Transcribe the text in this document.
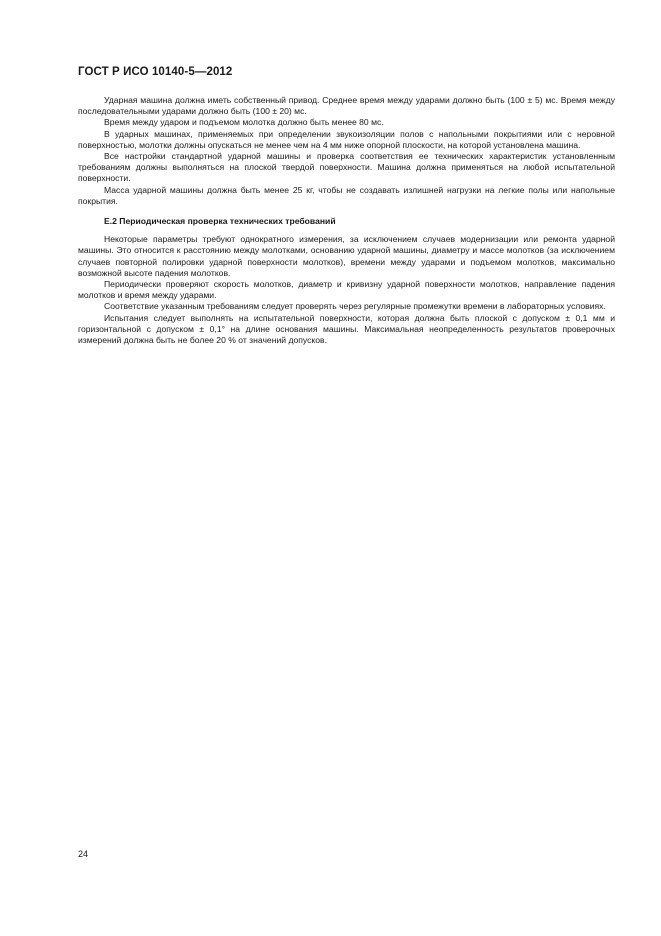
ГОСТ Р ИСО 10140-5—2012

Ударная машина должна иметь собственный привод. Среднее время между ударами должно быть (100 ± 5) мс. Время между последовательными ударами должно быть (100 ± 20) мс.

Время между ударом и подъемом молотка должно быть менее 80 мс.

В ударных машинах, применяемых при определении звукоизоляции полов с напольными покрытиями или с неровной поверхностью, молотки должны опускаться не менее чем на 4 мм ниже опорной плоскости, на которой установлена машина.

Все настройки стандартной ударной машины и проверка соответствия ее технических характеристик установленным требованиям должны выполняться на плоской твердой поверхности. Машина должна применяться на любой испытательной поверхности.

Масса ударной машины должна быть менее 25 кг, чтобы не создавать излишней нагрузки на легкие полы или напольные покрытия.

Е.2 Периодическая проверка технических требований

Некоторые параметры требуют однократного измерения, за исключением случаев модернизации или ремонта ударной машины. Это относится к расстоянию между молотками, основанию ударной машины, диаметру и массе молотков (за исключением случаев повторной полировки ударной поверхности молотков), времени между ударами и подъемом молотков, максимально возможной высоте падения молотков.

Периодически проверяют скорость молотков, диаметр и кривизну ударной поверхности молотков, направление падения молотков и время между ударами.

Соответствие указанным требованиям следует проверять через регулярные промежутки времени в лабораторных условиях.

Испытания следует выполнять на испытательной поверхности, которая должна быть плоской с допуском ± 0,1 мм и горизонтальной с допуском ± 0,1° на длине основания машины. Максимальная неопределенность результатов проверочных измерений должна быть не более 20 % от значений допусков.

24
